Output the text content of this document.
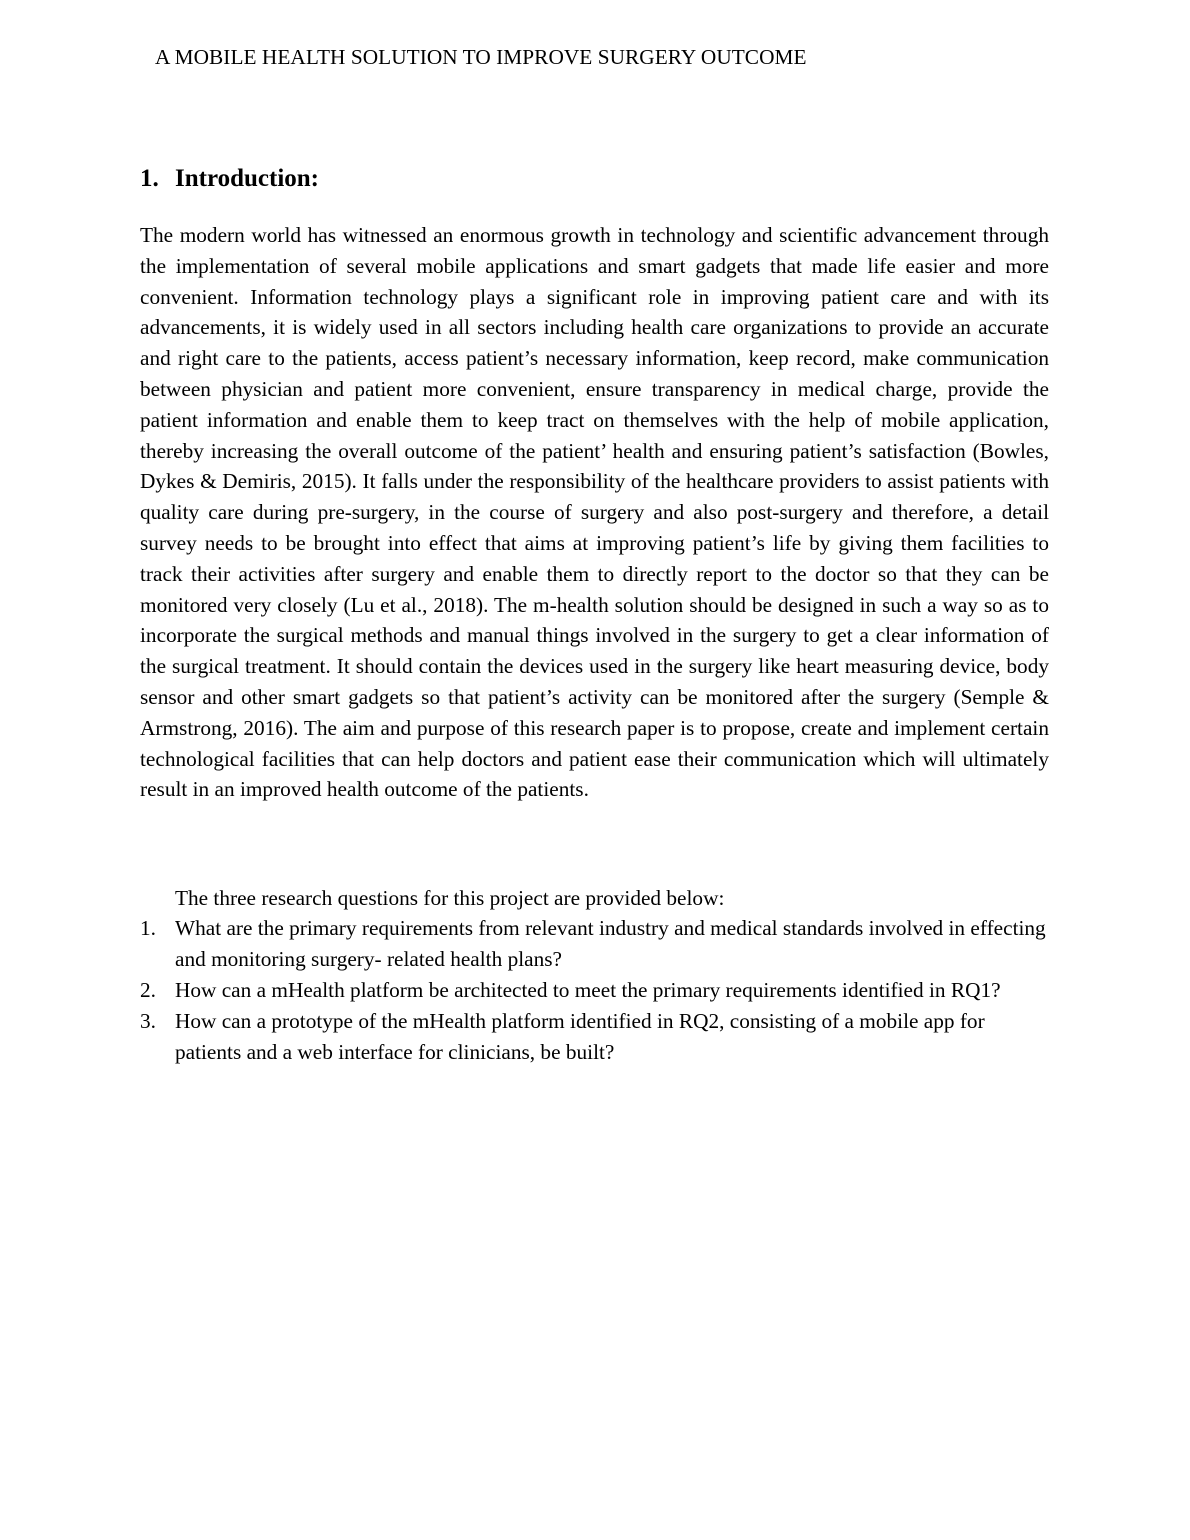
A MOBILE HEALTH SOLUTION TO IMPROVE SURGERY OUTCOME
1. Introduction:

The modern world has witnessed an enormous growth in technology and scientific advancement through the implementation of several mobile applications and smart gadgets that made life easier and more convenient. Information technology plays a significant role in improving patient care and with its advancements, it is widely used in all sectors including health care organizations to provide an accurate and right care to the patients, access patient’s necessary information, keep record, make communication between physician and patient more convenient, ensure transparency in medical charge, provide the patient information and enable them to keep tract on themselves with the help of mobile application, thereby increasing the overall outcome of the patient’ health and ensuring patient’s satisfaction (Bowles, Dykes & Demiris, 2015). It falls under the responsibility of the healthcare providers to assist patients with quality care during pre-surgery, in the course of surgery and also post-surgery and therefore, a detail survey needs to be brought into effect that aims at improving patient’s life by giving them facilities to track their activities after surgery and enable them to directly report to the doctor so that they can be monitored very closely (Lu et al., 2018). The m-health solution should be designed in such a way so as to incorporate the surgical methods and manual things involved in the surgery to get a clear information of the surgical treatment. It should contain the devices used in the surgery like heart measuring device, body sensor and other smart gadgets so that patient’s activity can be monitored after the surgery (Semple & Armstrong, 2016). The aim and purpose of this research paper is to propose, create and implement certain technological facilities that can help doctors and patient ease their communication which will ultimately result in an improved health outcome of the patients.

The three research questions for this project are provided below:
1. What are the primary requirements from relevant industry and medical standards involved in effecting and monitoring surgery- related health plans?
2. How can a mHealth platform be architected to meet the primary requirements identified in RQ1?
3. How can a prototype of the mHealth platform identified in RQ2, consisting of a mobile app for patients and a web interface for clinicians, be built?
